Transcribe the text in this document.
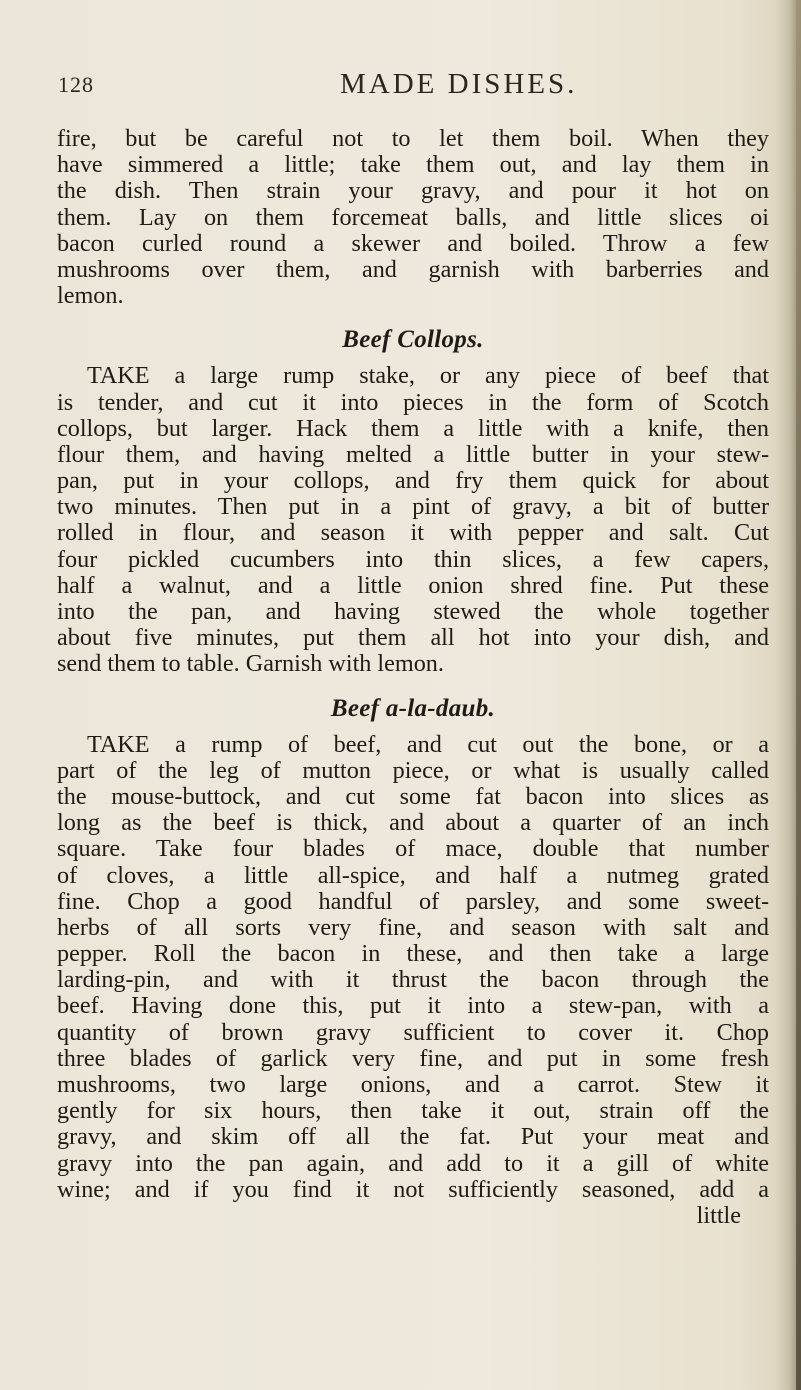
128	MADE DISHES.
fire, but be careful not to let them boil. When they
have simmered a little; take them out, and lay them in
the dish. Then strain your gravy, and pour it hot on
them. Lay on them forcemeat balls, and little slices oi
bacon curled round a skewer and boiled. Throw a few
mushrooms over them, and garnish with barberries and
lemon.
Beef Collops.
TAKE a large rump stake, or any piece of beef that
is tender, and cut it into pieces in the form of Scotch
collops, but larger. Hack them a little with a knife, then
flour them, and having melted a little butter in your stew-
pan, put in your collops, and fry them quick for about
two minutes. Then put in a pint of gravy, a bit of butter
rolled in flour, and season it with pepper and salt. Cut
four pickled cucumbers into thin slices, a few capers,
half a walnut, and a little onion shred fine. Put these
into the pan, and having stewed the whole together
about five minutes, put them all hot into your dish, and
send them to table. Garnish with lemon.
Beef a-la-daub.
TAKE a rump of beef, and cut out the bone, or a
part of the leg of mutton piece, or what is usually called
the mouse-buttock, and cut some fat bacon into slices as
long as the beef is thick, and about a quarter of an inch
square. Take four blades of mace, double that number
of cloves, a little all-spice, and half a nutmeg grated
fine. Chop a good handful of parsley, and some sweet-
herbs of all sorts very fine, and season with salt and
pepper. Roll the bacon in these, and then take a large
larding-pin, and with it thrust the bacon through the
beef. Having done this, put it into a stew-pan, with a
quantity of brown gravy sufficient to cover it. Chop
three blades of garlick very fine, and put in some fresh
mushrooms, two large onions, and a carrot. Stew it
gently for six hours, then take it out, strain off the
gravy, and skim off all the fat. Put your meat and
gravy into the pan again, and add to it a gill of white
wine; and if you find it not sufficiently seasoned, add a
little
